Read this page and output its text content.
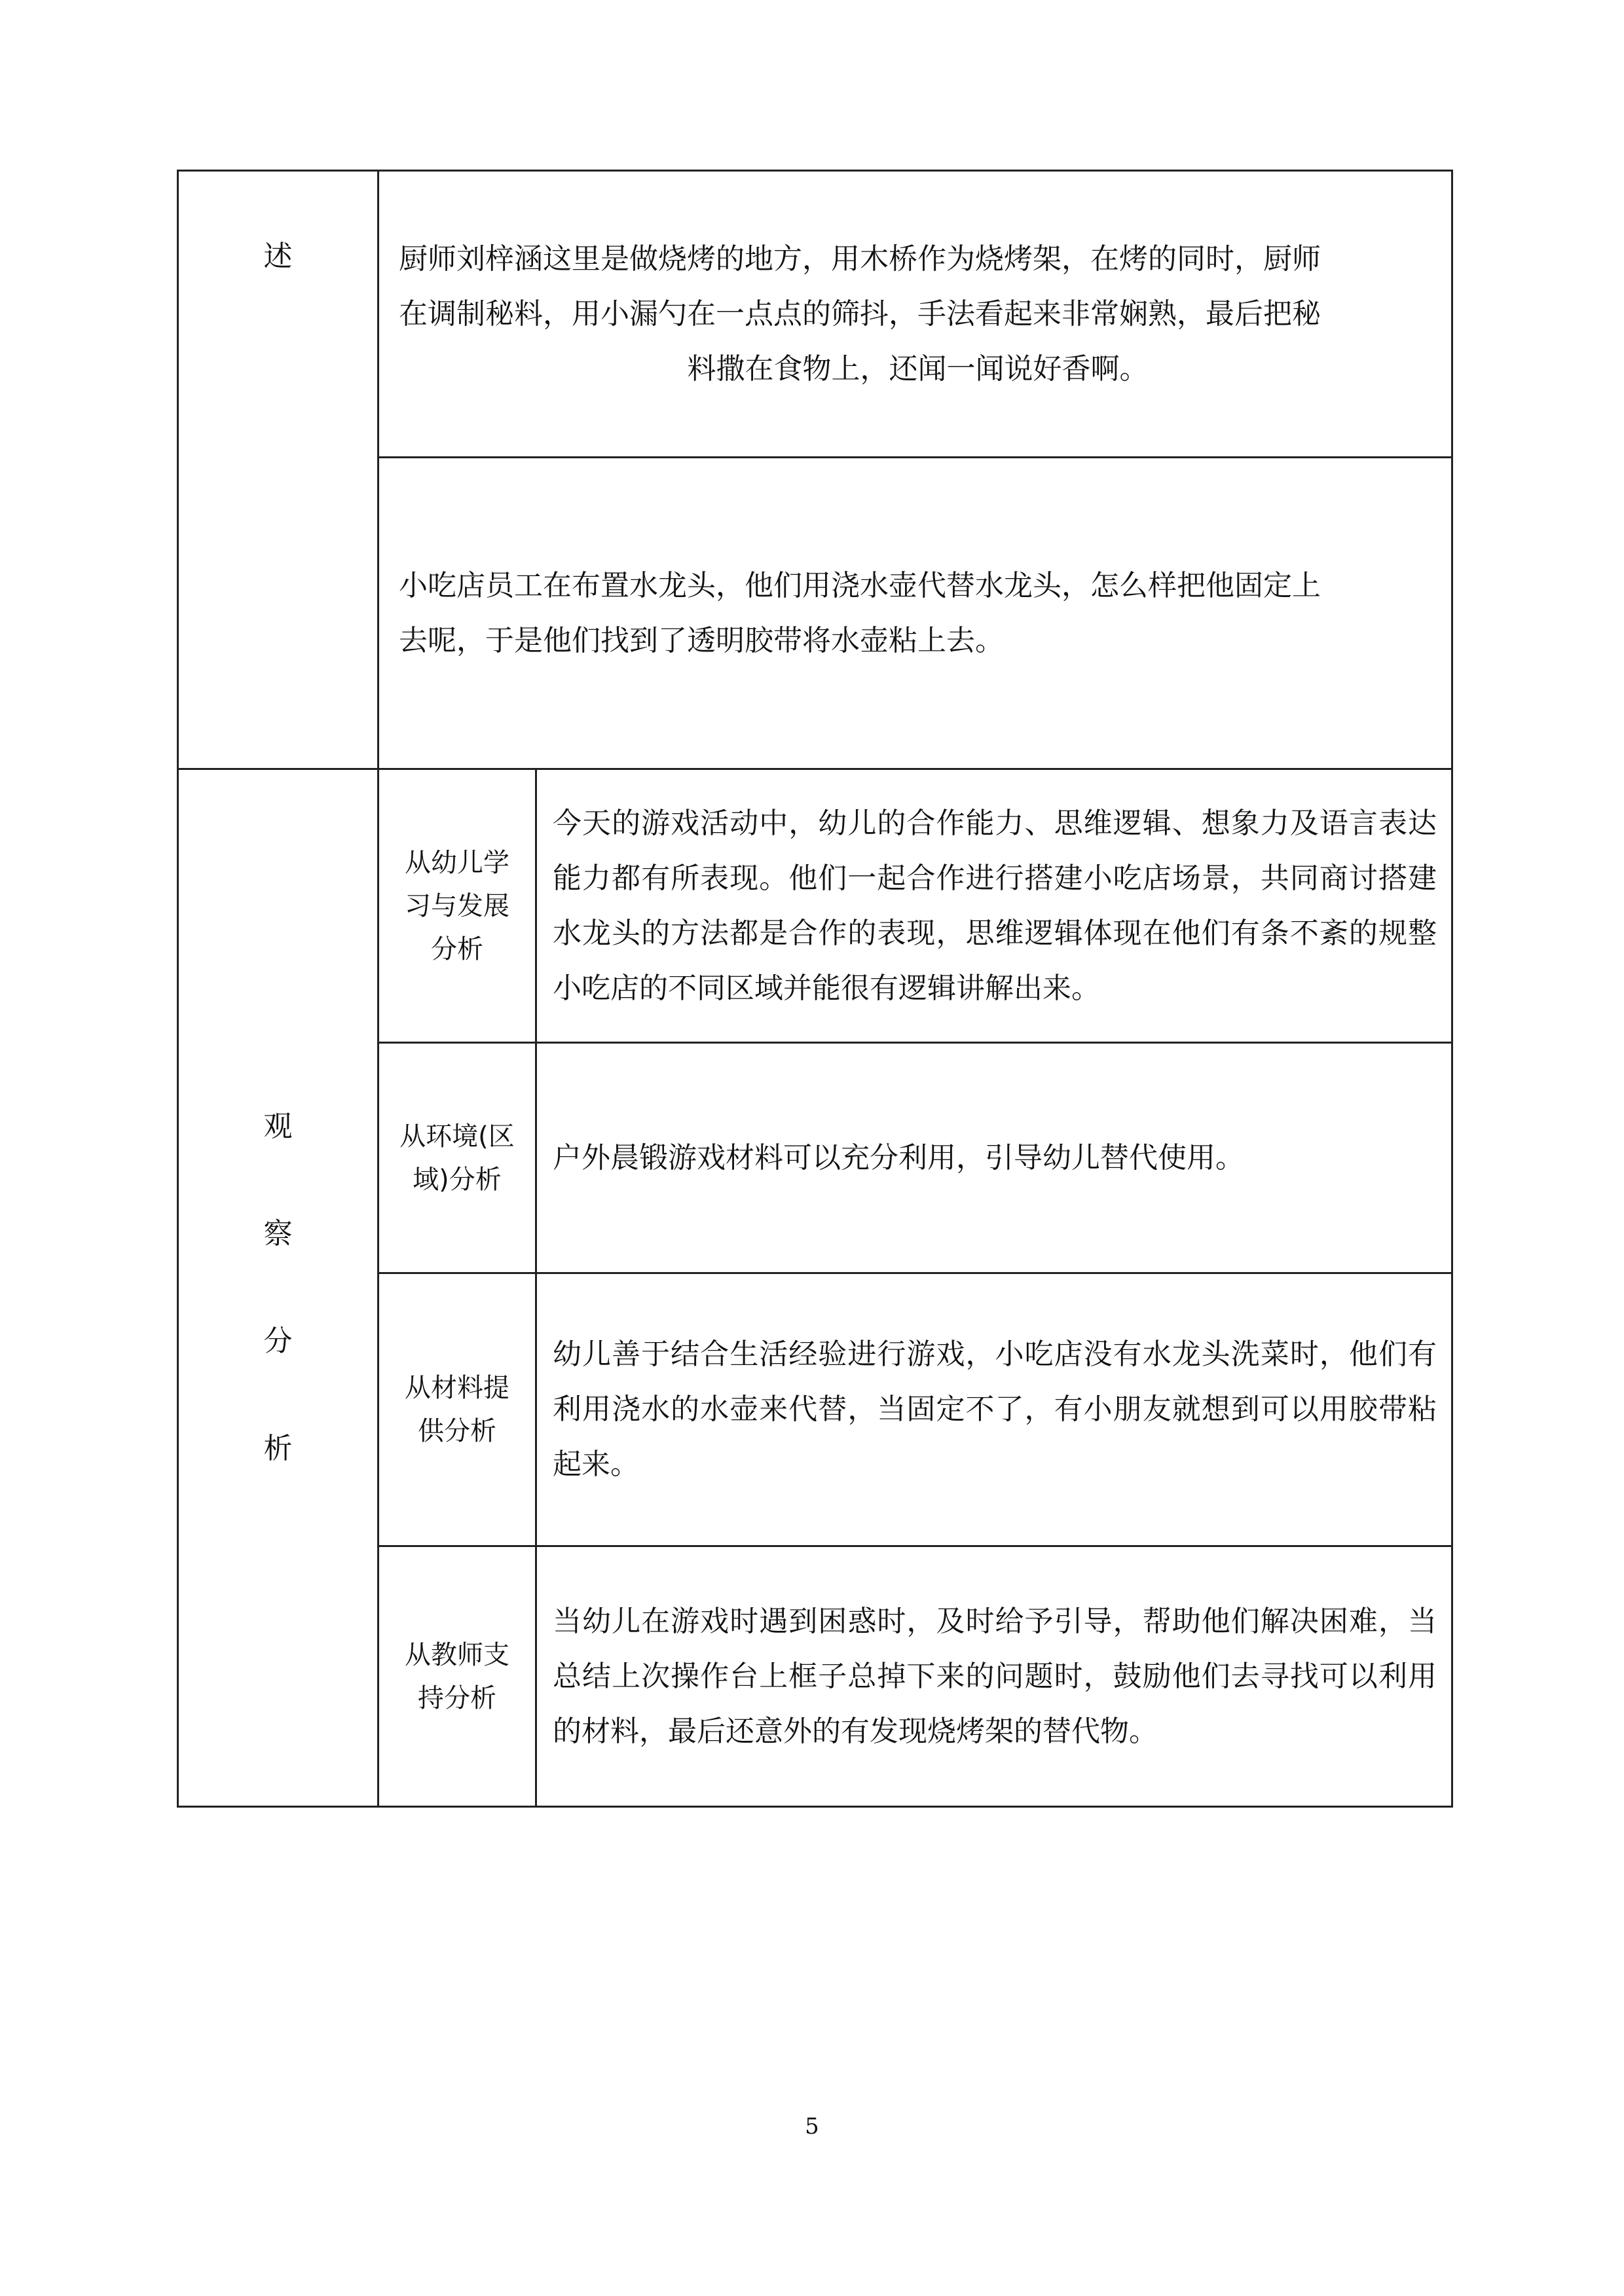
述	厨师刘梓涵这里是做烧烤的地方，用木桥作为烧烤架，在烤的同时，厨师
在调制秘料，用小漏勺在一点点的筛抖，手法看起来非常娴熟，最后把秘
料撒在食物上，还闻一闻说好香啊。	

	小吃店员工在布置水龙头，他们用浇水壶代替水龙头，怎么样把他固定上
去呢，于是他们找到了透明胶带将水壶粘上去。	

观
察
分
析	从幼儿学习与发展分析	今天的游戏活动中，幼儿的合作能力、思维逻辑、想象力及语言表达能力都有所表现。他们一起合作进行搭建小吃店场景，共同商讨搭建水龙头的方法都是合作的表现，思维逻辑体现在他们有条不紊的规整小吃店的不同区域并能很有逻辑讲解出来。
	从环境(区域)分析	户外晨锻游戏材料可以充分利用，引导幼儿替代使用。
	从材料提供分析	幼儿善于结合生活经验进行游戏，小吃店没有水龙头洗菜时，他们有利用浇水的水壶来代替，当固定不了，有小朋友就想到可以用胶带粘起来。
	从教师支持分析	当幼儿在游戏时遇到困惑时，及时给予引导，帮助他们解决困难，当总结上次操作台上框子总掉下来的问题时，鼓励他们去寻找可以利用的材料，最后还意外的有发现烧烤架的替代物。
5
